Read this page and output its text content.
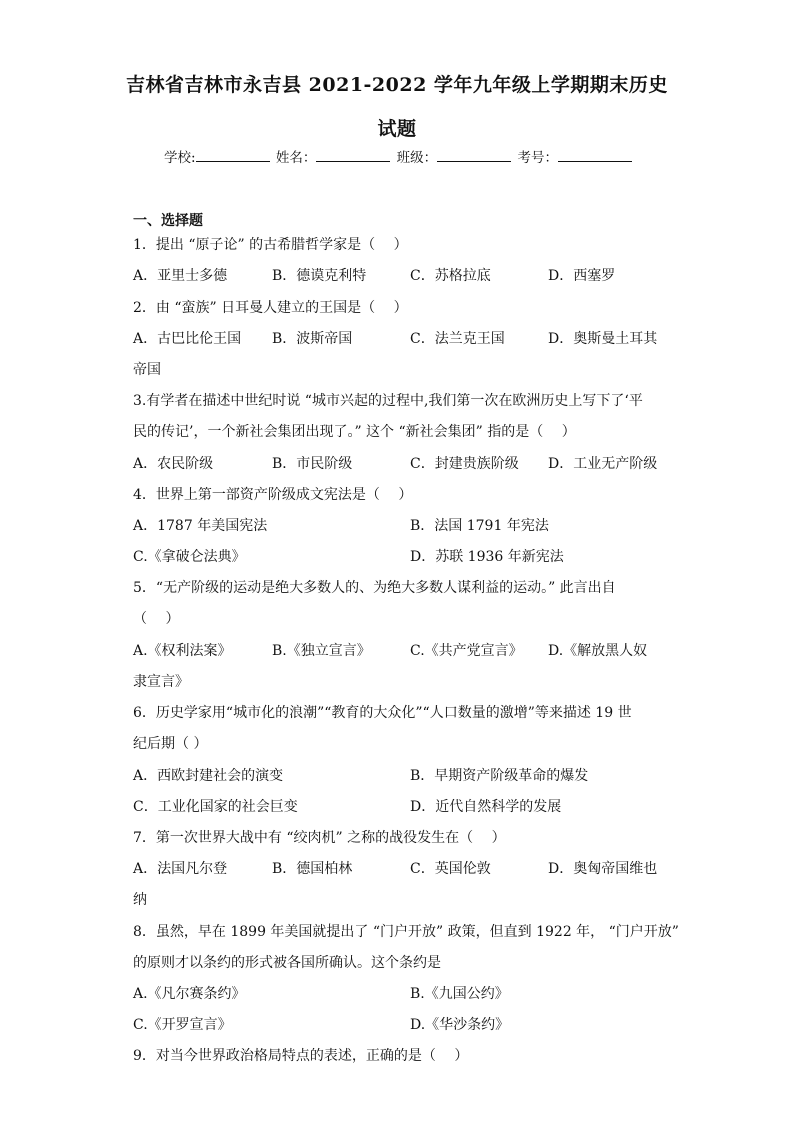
吉林省吉林市永吉县 2021-2022 学年九年级上学期期末历史
试题
学校:	姓名：	班级：	考号：
一、选择题
1．提出 “原子论” 的古希腊哲学家是（　 ）
A．亚里士多德	B．德谟克利特	C．苏格拉底	D．西塞罗
2．由 “蛮族” 日耳曼人建立的王国是（　 ）
A．古巴比伦王国 B．波斯帝国	C．法兰克王国	D．奥斯曼土耳其
帝国
3.有学者在描述中世纪时说 “城市兴起的过程中,我们第一次在欧洲历史上写下了‘平
民的传记’，一个新社会集团出现了。” 这个 “新社会集团” 指的是（　 ）
A．农民阶级	B．市民阶级	C．封建贵族阶级 D．工业无产阶级
4．世界上第一部资产阶级成文宪法是（　 ）
A．1787 年美国宪法	B．法国 1791 年宪法
C.《拿破仑法典》	D．苏联 1936 年新宪法
5．“无产阶级的运动是绝大多数人的、为绝大多数人谋利益的运动。” 此言出自
（　 ）
A.《权利法案》	B.《独立宣言》	C.《共产党宣言》 D.《解放黑人奴
隶宣言》
6．历史学家用“城市化的浪潮”“教育的大众化”“人口数量的激增”等来描述 19 世
纪后期（ ）
A．西欧封建社会的演变	B．早期资产阶级革命的爆发
C．工业化国家的社会巨变	D．近代自然科学的发展
7．第一次世界大战中有 “绞肉机” 之称的战役发生在（　 ）
A．法国凡尔登	B．德国柏林	C．英国伦敦	D．奥匈帝国维也
纳
8．虽然，早在 1899 年美国就提出了 “门户开放” 政策，但直到 1922 年， “门户开放”
的原则才以条约的形式被各国所确认。这个条约是
A.《凡尔赛条约》	B.《九国公约》
C.《开罗宣言》	D.《华沙条约》
9．对当今世界政治格局特点的表述，正确的是（　 ）
